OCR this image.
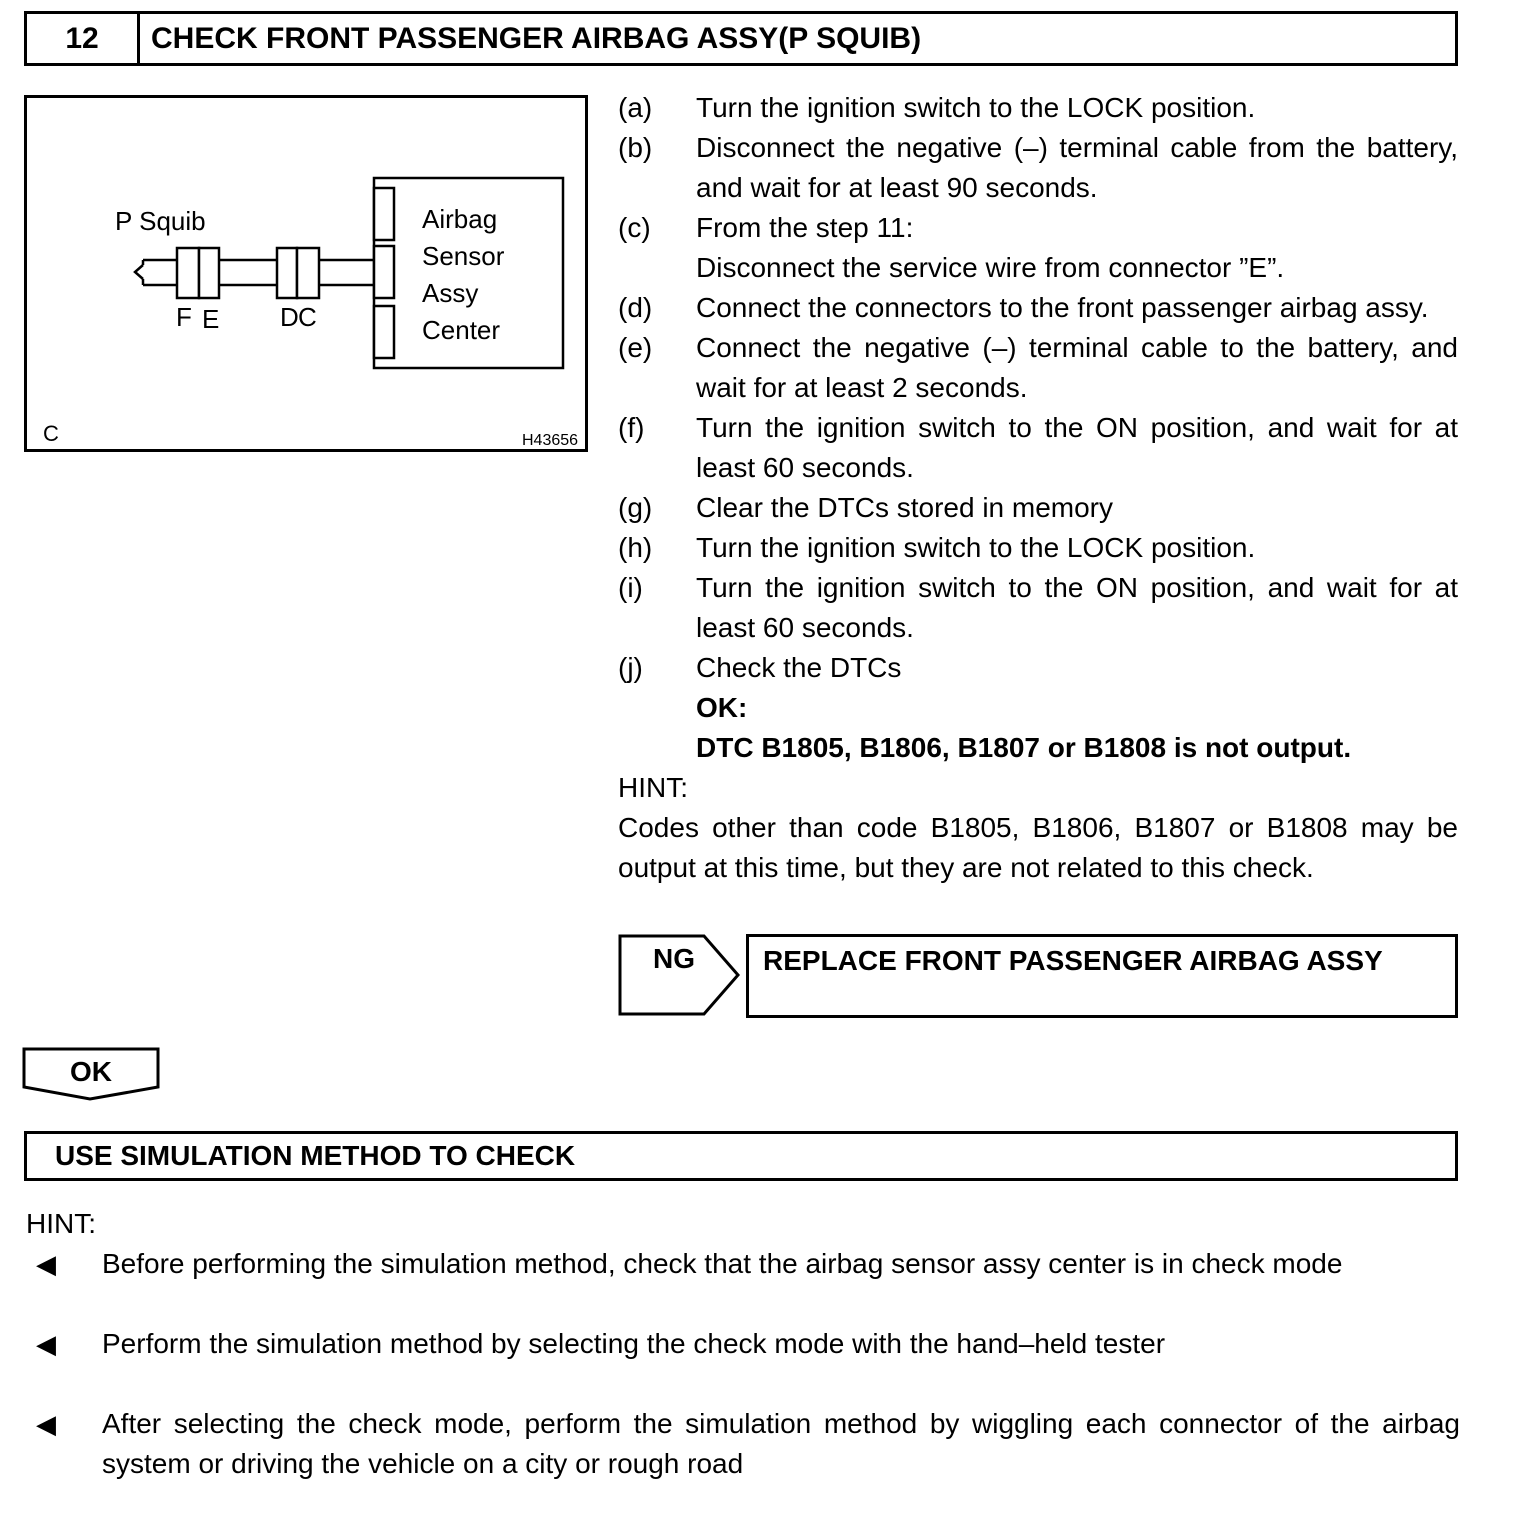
12	CHECK FRONT PASSENGER AIRBAG ASSY(P SQUIB)
P Squib
F E D C
Airbag
Sensor
Assy
Center
C	H43656
(a)	Turn the ignition switch to the LOCK position.
(b)	Disconnect the negative (–) terminal cable from the battery, and wait for at least 90 seconds.
(c)	From the step 11:
Disconnect the service wire from connector ”E”.
(d)	Connect the connectors to the front passenger airbag assy.
(e)	Connect the negative (–) terminal cable to the battery, and wait for at least 2 seconds.
(f)	Turn the ignition switch to the ON position, and wait for at least 60 seconds.
(g)	Clear the DTCs stored in memory
(h)	Turn the ignition switch to the LOCK position.
(i)	Turn the ignition switch to the ON position, and wait for at least 60 seconds.
(j)	Check the DTCs
OK:
DTC B1805, B1806, B1807 or B1808 is not output.
HINT:
Codes other than code B1805, B1806, B1807 or B1808 may be output at this time, but they are not related to this check.
NG	REPLACE FRONT PASSENGER AIRBAG ASSY
OK
USE SIMULATION METHOD TO CHECK
HINT:
◀	Before performing the simulation method, check that the airbag sensor assy center is in check mode
◀	Perform the simulation method by selecting the check mode with the hand–held tester
◀	After selecting the check mode, perform the simulation method by wiggling each connector of the airbag system or driving the vehicle on a city or rough road
